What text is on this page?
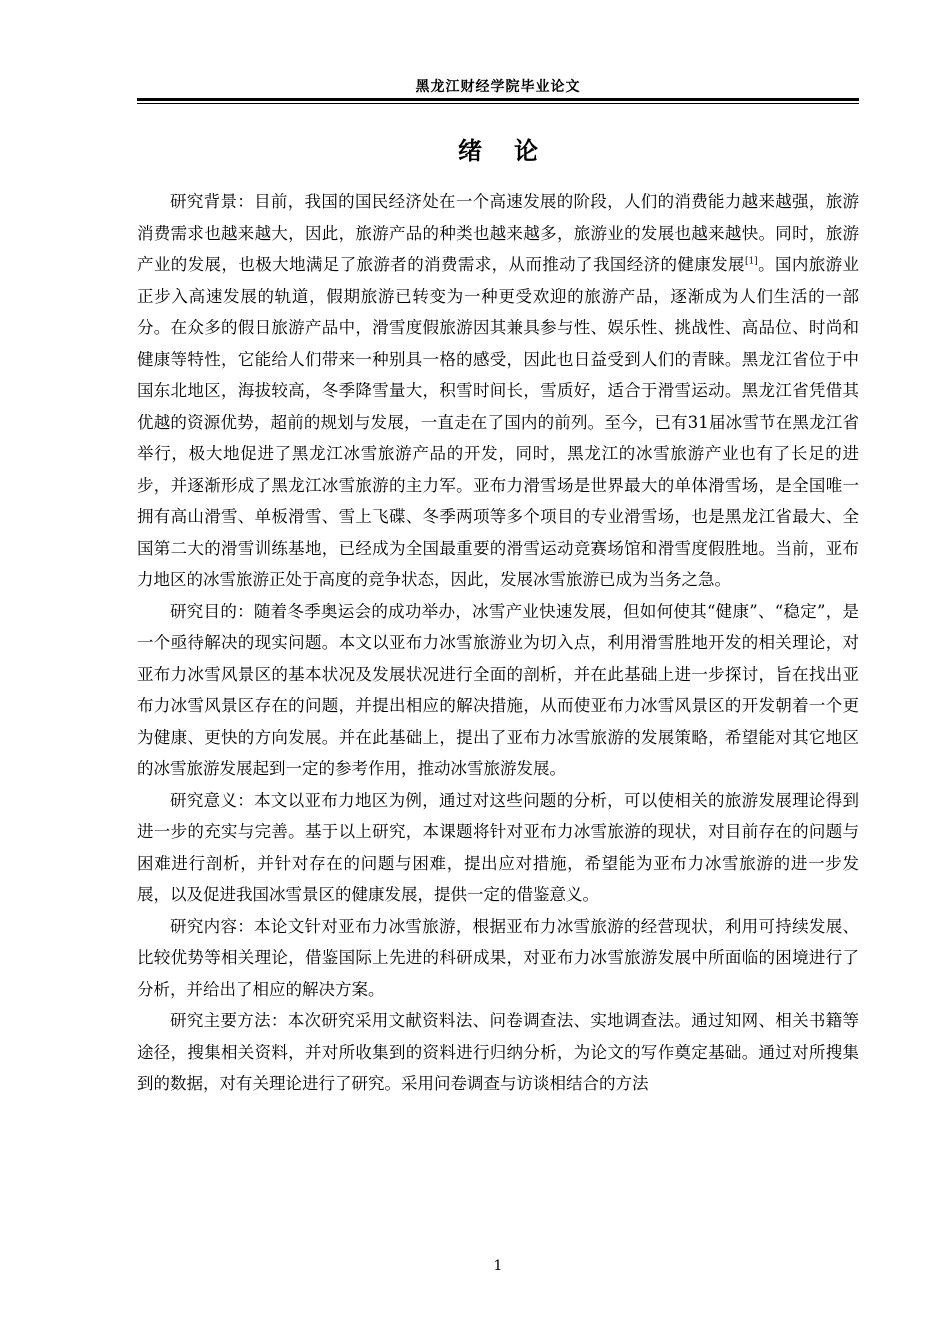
黑龙江财经学院毕业论文
绪论

研究背景：目前，我国的国民经济处在一个高速发展的阶段，人们的消费能力越来越强，旅游消费需求也越来越大，因此，旅游产品的种类也越来越多，旅游业的发展也越来越快。同时，旅游产业的发展，也极大地满足了旅游者的消费需求，从而推动了我国经济的健康发展[1]。国内旅游业正步入高速发展的轨道，假期旅游已转变为一种更受欢迎的旅游产品，逐渐成为人们生活的一部分。在众多的假日旅游产品中，滑雪度假旅游因其兼具参与性、娱乐性、挑战性、高品位、时尚和健康等特性，它能给人们带来一种别具一格的感受，因此也日益受到人们的青睐。黑龙江省位于中国东北地区，海拔较高，冬季降雪量大，积雪时间长，雪质好，适合于滑雪运动。黑龙江省凭借其优越的资源优势，超前的规划与发展，一直走在了国内的前列。至今，已有31届冰雪节在黑龙江省举行，极大地促进了黑龙江冰雪旅游产品的开发，同时，黑龙江的冰雪旅游产业也有了长足的进步，并逐渐形成了黑龙江冰雪旅游的主力军。亚布力滑雪场是世界最大的单体滑雪场，是全国唯一拥有高山滑雪、单板滑雪、雪上飞碟、冬季两项等多个项目的专业滑雪场，也是黑龙江省最大、全国第二大的滑雪训练基地，已经成为全国最重要的滑雪运动竞赛场馆和滑雪度假胜地。当前，亚布力地区的冰雪旅游正处于高度的竞争状态，因此，发展冰雪旅游已成为当务之急。

研究目的：随着冬季奥运会的成功举办，冰雪产业快速发展，但如何使其“健康”、“稳定”，是一个亟待解决的现实问题。本文以亚布力冰雪旅游业为切入点，利用滑雪胜地开发的相关理论，对亚布力冰雪风景区的基本状况及发展状况进行全面的剖析，并在此基础上进一步探讨，旨在找出亚布力冰雪风景区存在的问题，并提出相应的解决措施，从而使亚布力冰雪风景区的开发朝着一个更为健康、更快的方向发展。并在此基础上，提出了亚布力冰雪旅游的发展策略，希望能对其它地区的冰雪旅游发展起到一定的参考作用，推动冰雪旅游发展。

研究意义：本文以亚布力地区为例，通过对这些问题的分析，可以使相关的旅游发展理论得到进一步的充实与完善。基于以上研究，本课题将针对亚布力冰雪旅游的现状，对目前存在的问题与困难进行剖析，并针对存在的问题与困难，提出应对措施，希望能为亚布力冰雪旅游的进一步发展，以及促进我国冰雪景区的健康发展，提供一定的借鉴意义。

研究内容：本论文针对亚布力冰雪旅游，根据亚布力冰雪旅游的经营现状，利用可持续发展、比较优势等相关理论，借鉴国际上先进的科研成果，对亚布力冰雪旅游发展中所面临的困境进行了分析，并给出了相应的解决方案。

研究主要方法：本次研究采用文献资料法、问卷调查法、实地调查法。通过知网、相关书籍等途径，搜集相关资料，并对所收集到的资料进行归纳分析，为论文的写作奠定基础。通过对所搜集到的数据，对有关理论进行了研究。采用问卷调查与访谈相结合的方法

1
